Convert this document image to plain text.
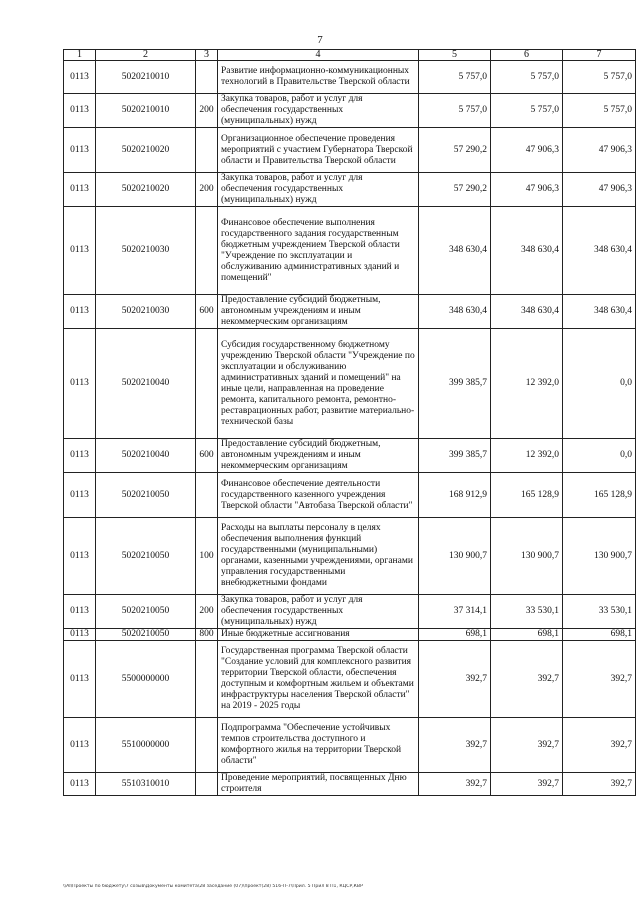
7
1	2	3	4	5	6	7
0113	5020210010		Развитие информационно-коммуникационных технологий в Правительстве Тверской области	5 757,0	5 757,0	5 757,0
0113	5020210010	200	Закупка товаров, работ и услуг для обеспечения государственных (муниципальных) нужд	5 757,0	5 757,0	5 757,0
0113	5020210020		Организационное обеспечение проведения мероприятий с участием Губернатора Тверской области и Правительства Тверской области	57 290,2	47 906,3	47 906,3
0113	5020210020	200	Закупка товаров, работ и услуг для обеспечения государственных (муниципальных) нужд	57 290,2	47 906,3	47 906,3
0113	5020210030		Финансовое обеспечение выполнения государственного задания государственным бюджетным учреждением Тверской области "Учреждение по эксплуатации и обслуживанию административных зданий и помещений"	348 630,4	348 630,4	348 630,4
0113	5020210030	600	Предоставление субсидий бюджетным, автономным учреждениям и иным некоммерческим организациям	348 630,4	348 630,4	348 630,4
0113	5020210040		Субсидия государственному бюджетному учреждению Тверской области "Учреждение по эксплуатации и обслуживанию административных зданий и помещений" на иные цели, направленная на проведение ремонта, капитального ремонта, ремонтно-реставрационных работ, развитие материально-технической базы	399 385,7	12 392,0	0,0
0113	5020210040	600	Предоставление субсидий бюджетным, автономным учреждениям и иным некоммерческим организациям	399 385,7	12 392,0	0,0
0113	5020210050		Финансовое обеспечение деятельности государственного казенного учреждения Тверской области "Автобаза Тверской области"	168 912,9	165 128,9	165 128,9
0113	5020210050	100	Расходы на выплаты персоналу в целях обеспечения выполнения функций государственными (муниципальными) органами, казенными учреждениями, органами управления государственными внебюджетными фондами	130 900,7	130 900,7	130 900,7
0113	5020210050	200	Закупка товаров, работ и услуг для обеспечения государственных (муниципальных) нужд	37 314,1	33 530,1	33 530,1
0113	5020210050	800	Иные бюджетные ассигнования	698,1	698,1	698,1
0113	5500000000		Государственная программа Тверской области "Создание условий для комплексного развития территории Тверской области, обеспечения доступным и комфортным жильем и объектами инфраструктуры населения Тверской области" на 2019 - 2025 годы	392,7	392,7	392,7
0113	5510000000		Подпрограмма "Обеспечение устойчивых темпов строительства доступного и комфортного жилья на территории Тверской области"	392,7	392,7	392,7
0113	5510310010		Проведение мероприятий, посвященных Дню строителя	392,7	392,7	392,7
\\AI\Проекты по бюджету\7 созыв\Документы комитета\28 заседание (07)\проект(28) 516-П-7\Прил. 5 Прил 8 П1, КЦСР,КВР
